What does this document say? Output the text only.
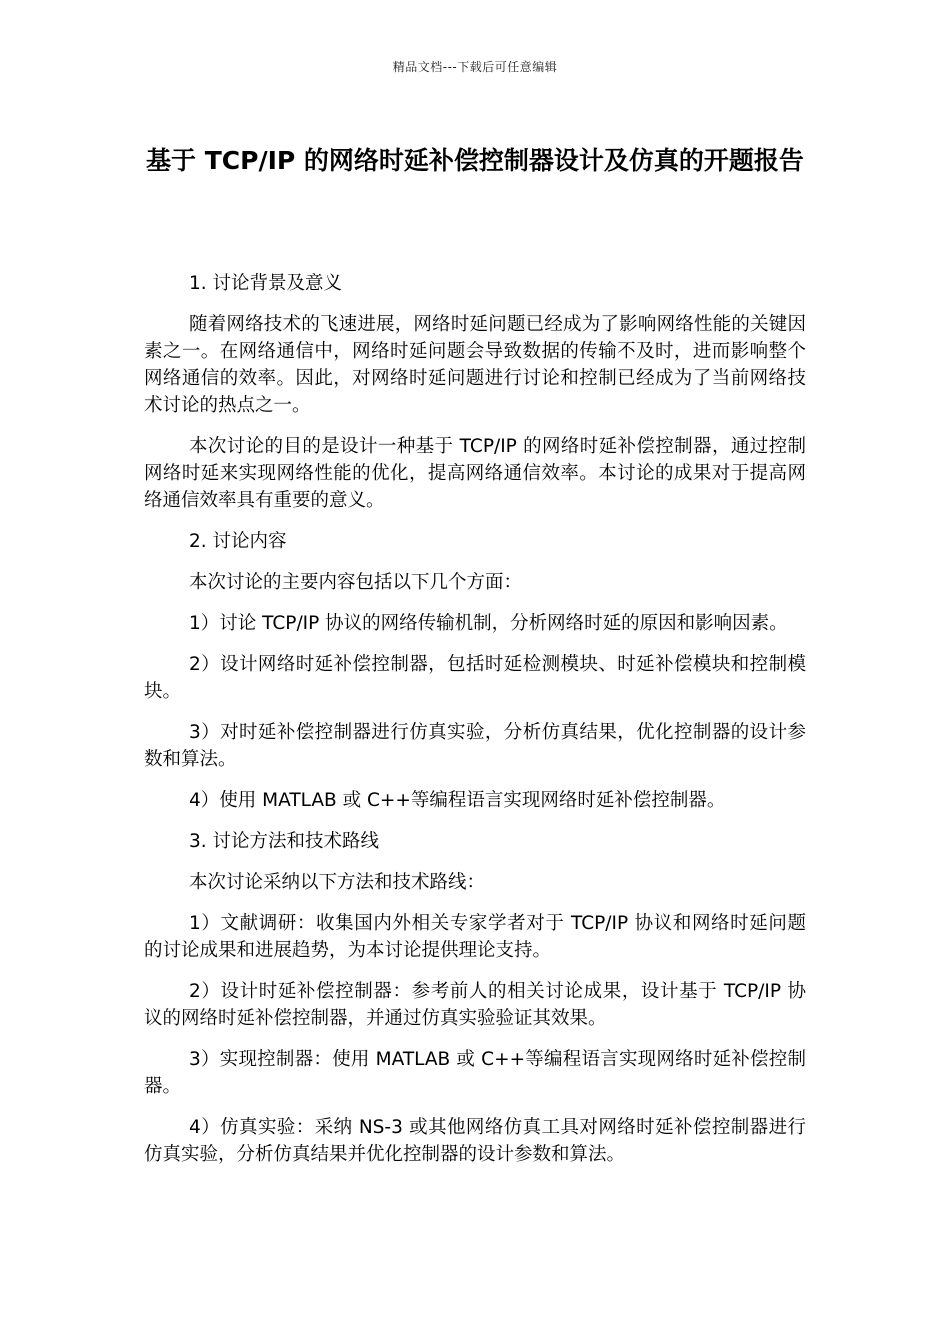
精品文档---下载后可任意编辑
基于 TCP/IP 的网络时延补偿控制器设计及仿真的开题报告

1. 讨论背景及意义

随着网络技术的飞速进展，网络时延问题已经成为了影响网络性能的关键因素之一。在网络通信中，网络时延问题会导致数据的传输不及时，进而影响整个网络通信的效率。因此，对网络时延问题进行讨论和控制已经成为了当前网络技术讨论的热点之一。

本次讨论的目的是设计一种基于 TCP/IP 的网络时延补偿控制器，通过控制网络时延来实现网络性能的优化，提高网络通信效率。本讨论的成果对于提高网络通信效率具有重要的意义。

2. 讨论内容

本次讨论的主要内容包括以下几个方面：

1）讨论 TCP/IP 协议的网络传输机制，分析网络时延的原因和影响因素。

2）设计网络时延补偿控制器，包括时延检测模块、时延补偿模块和控制模块。

3）对时延补偿控制器进行仿真实验，分析仿真结果，优化控制器的设计参数和算法。

4）使用 MATLAB 或 C++等编程语言实现网络时延补偿控制器。

3. 讨论方法和技术路线

本次讨论采纳以下方法和技术路线：

1）文献调研：收集国内外相关专家学者对于 TCP/IP 协议和网络时延问题的讨论成果和进展趋势，为本讨论提供理论支持。

2）设计时延补偿控制器：参考前人的相关讨论成果，设计基于 TCP/IP 协议的网络时延补偿控制器，并通过仿真实验验证其效果。

3）实现控制器：使用 MATLAB 或 C++等编程语言实现网络时延补偿控制器。

4）仿真实验：采纳 NS-3 或其他网络仿真工具对网络时延补偿控制器进行仿真实验，分析仿真结果并优化控制器的设计参数和算法。
